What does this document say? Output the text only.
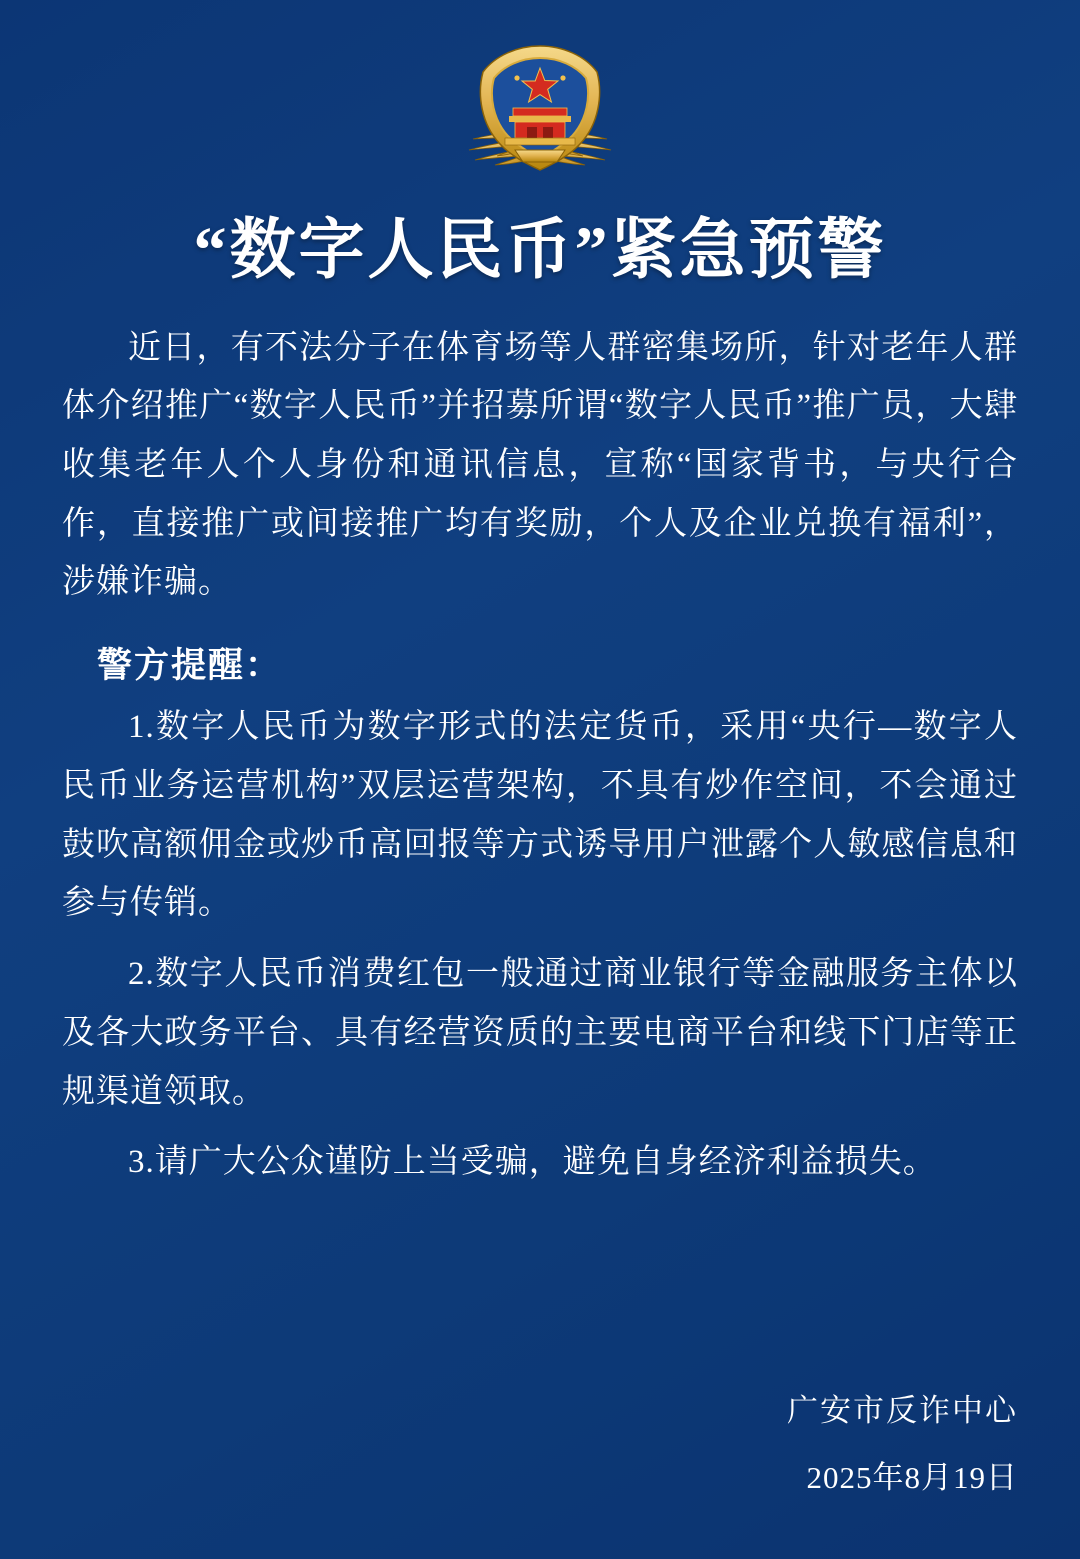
“数字人民币”紧急预警

近日，有不法分子在体育场等人群密集场所，针对老年人群体介绍推广“数字人民币”并招募所谓“数字人民币”推广员，大肆收集老年人个人身份和通讯信息，宣称“国家背书，与央行合作，直接推广或间接推广均有奖励，个人及企业兑换有福利”，涉嫌诈骗。

警方提醒：

1.数字人民币为数字形式的法定货币，采用“央行—数字人民币业务运营机构”双层运营架构，不具有炒作空间，不会通过鼓吹高额佣金或炒币高回报等方式诱导用户泄露个人敏感信息和参与传销。

2.数字人民币消费红包一般通过商业银行等金融服务主体以及各大政务平台、具有经营资质的主要电商平台和线下门店等正规渠道领取。

3.请广大公众谨防上当受骗，避免自身经济利益损失。

广安市反诈中心
2025年8月19日
